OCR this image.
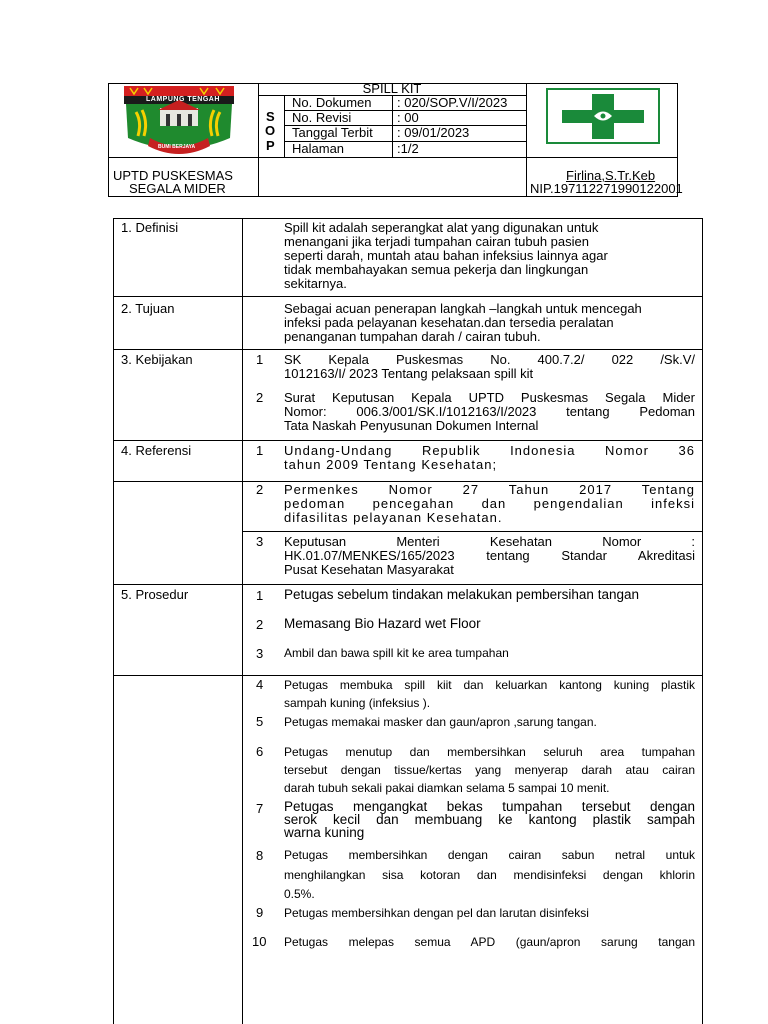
LAMPUNG TENGAH
BUMI BERJAYA
SPILL KIT
S
O
P
No. Dokumen : 020/SOP.V/I/2023
No. Revisi	: 00
Tanggal Terbit : 09/01/2023
Halaman	:1/2
UPTD PUSKESMAS
SEGALA MIDER
Firlina,S.Tr.Keb
NIP.197112271990122001
1. Definisi	Spill kit adalah seperangkat alat yang digunakan untuk
menangani jika terjadi tumpahan cairan tubuh pasien
seperti darah, muntah atau bahan infeksius lainnya agar
tidak membahayakan semua pekerja dan lingkungan
sekitarnya.
2. Tujuan	Sebagai acuan penerapan langkah –langkah untuk mencegah
infeksi pada pelayanan kesehatan.dan tersedia peralatan
penanganan tumpahan darah / cairan tubuh.
3. Kebijakan	1 SK Kepala Puskesmas No. 400.7.2/ 022 /Sk.V/
1012163/I/ 2023 Tentang pelaksaan spill kit
2 Surat Keputusan Kepala UPTD Puskesmas Segala Mider
Nomor: 006.3/001/SK.I/1012163/I/2023 tentang Pedoman
Tata Naskah Penyusunan Dokumen Internal
4. Referensi	1 Undang-Undang Republik Indonesia Nomor 36
tahun 2009 Tentang Kesehatan;
2 Permenkes Nomor 27 Tahun 2017 Tentang
pedoman pencegahan dan pengendalian infeksi
difasilitas pelayanan Kesehatan.
3 Keputusan Menteri Kesehatan Nomor :
HK.01.07/MENKES/165/2023 tentang Standar Akreditasi
Pusat Kesehatan Masyarakat
5. Prosedur	1 Petugas sebelum tindakan melakukan pembersihan tangan
2 Memasang Bio Hazard wet Floor
3 Ambil dan bawa spill kit ke area tumpahan
4 Petugas membuka spill kiit dan keluarkan kantong kuning plastik
sampah kuning (infeksius ).
5 Petugas memakai masker dan gaun/apron ,sarung tangan.
6 Petugas menutup dan membersihkan seluruh area tumpahan
tersebut dengan tissue/kertas yang menyerap darah atau cairan
darah tubuh sekali pakai diamkan selama 5 sampai 10 menit.
7 Petugas mengangkat bekas tumpahan tersebut dengan
serok kecil dan membuang ke kantong plastik sampah
warna kuning
8 Petugas membersihkan dengan cairan sabun netral untuk
menghilangkan sisa kotoran dan mendisinfeksi dengan khlorin
0.5%.
9 Petugas membersihkan dengan pel dan larutan disinfeksi
10 Petugas melepas semua APD (gaun/apron sarung tangan
